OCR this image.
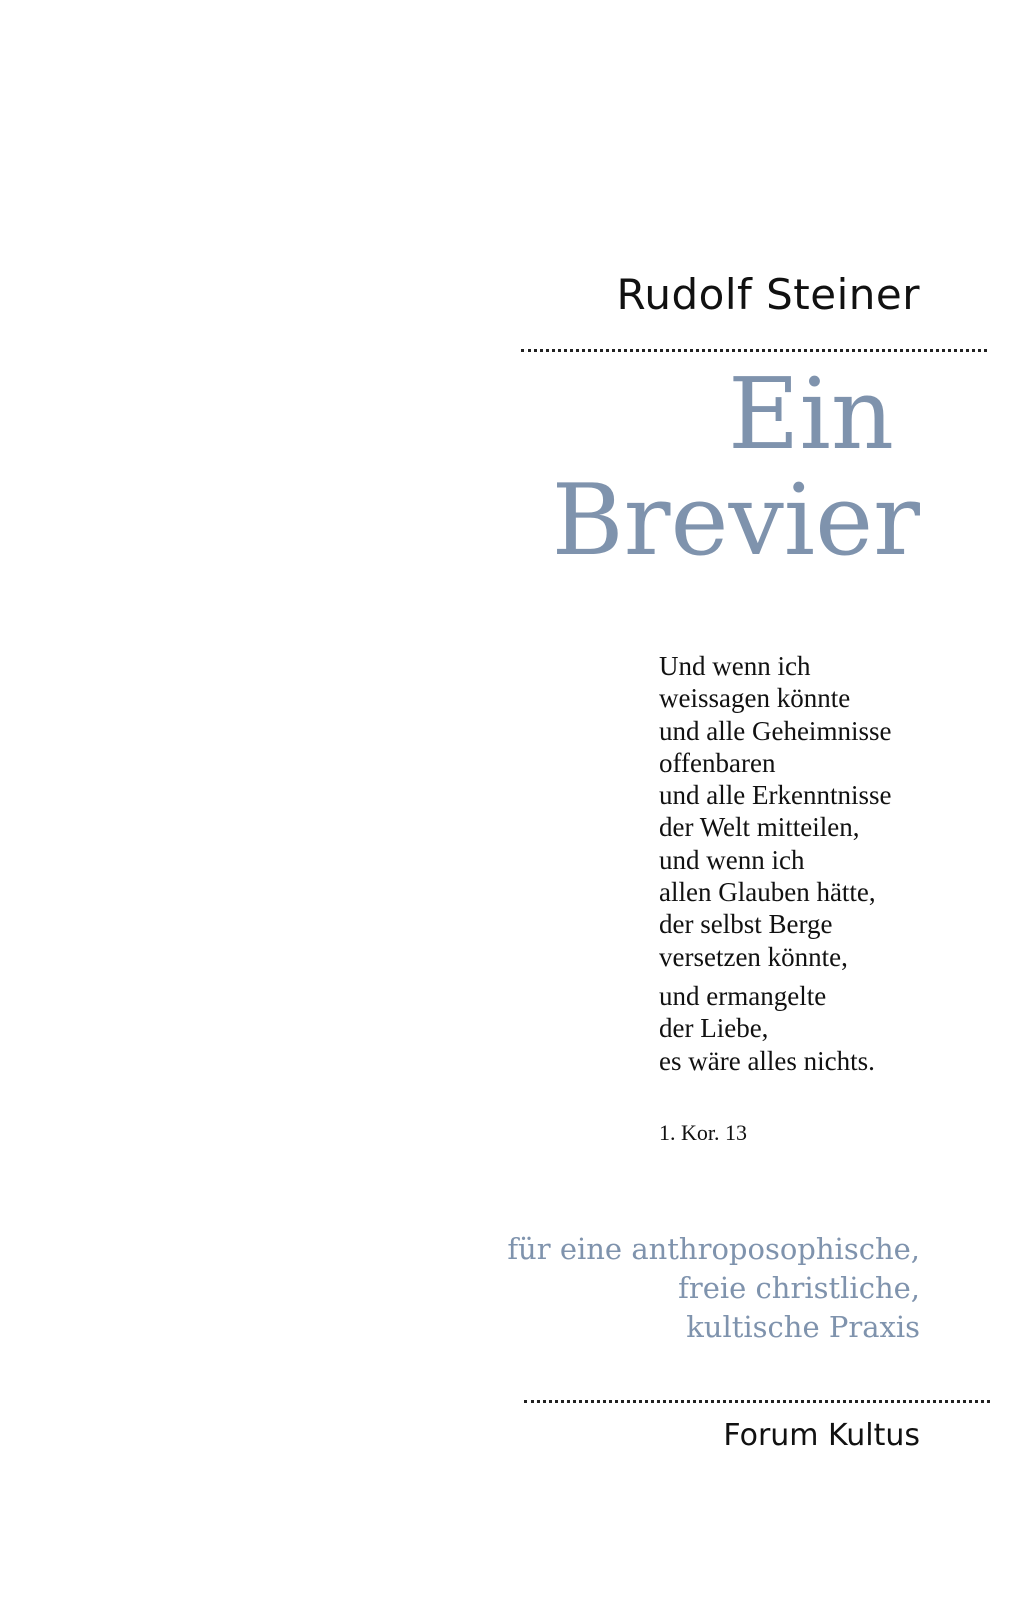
Rudolf Steiner
Ein
Brevier
Und wenn ich
weissagen könnte
und alle Geheimnisse
offenbaren
und alle Erkenntnisse
der Welt mitteilen,
und wenn ich
allen Glauben hätte,
der selbst Berge
versetzen könnte,
und ermangelte
der Liebe,
es wäre alles nichts.
1. Kor. 13
für eine anthroposophische,
freie christliche,
kultische Praxis
Forum Kultus
